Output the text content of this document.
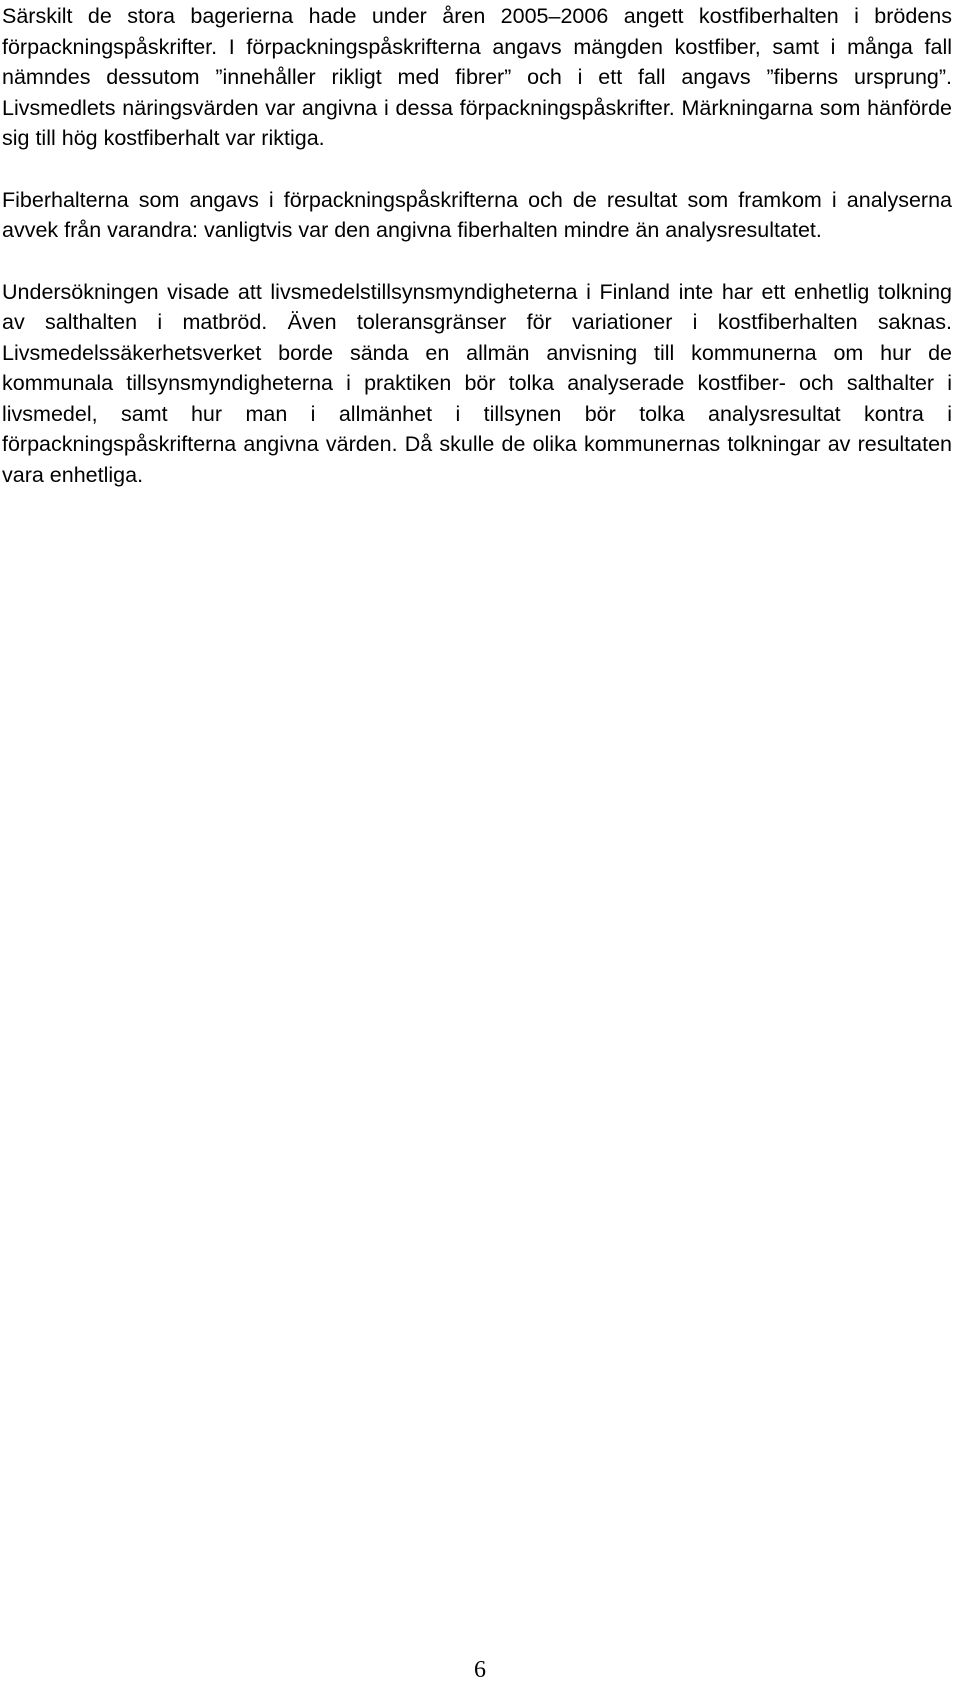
Särskilt de stora bagerierna hade under åren 2005–2006 angett kostfiberhalten i brödens förpackningspåskrifter. I förpackningspåskrifterna angavs mängden kostfiber, samt i många fall nämndes dessutom ”innehåller rikligt med fibrer” och i ett fall angavs ”fiberns ursprung”. Livsmedlets näringsvärden var angivna i dessa förpackningspåskrifter. Märkningarna som hänförde sig till hög kostfiberhalt var riktiga.

Fiberhalterna som angavs i förpackningspåskrifterna och de resultat som framkom i analyserna avvek från varandra: vanligtvis var den angivna fiberhalten mindre än analysresultatet.

Undersökningen visade att livsmedelstillsynsmyndigheterna i Finland inte har ett enhetlig tolkning av salthalten i matbröd. Även toleransgränser för variationer i kostfiberhalten saknas. Livsmedelssäkerhetsverket borde sända en allmän anvisning till kommunerna om hur de kommunala tillsynsmyndigheterna i praktiken bör tolka analyserade kostfiber- och salthalter i livsmedel, samt hur man i allmänhet i tillsynen bör tolka analysresultat kontra i förpackningspåskrifterna angivna värden. Då skulle de olika kommunernas tolkningar av resultaten vara enhetliga.

6
